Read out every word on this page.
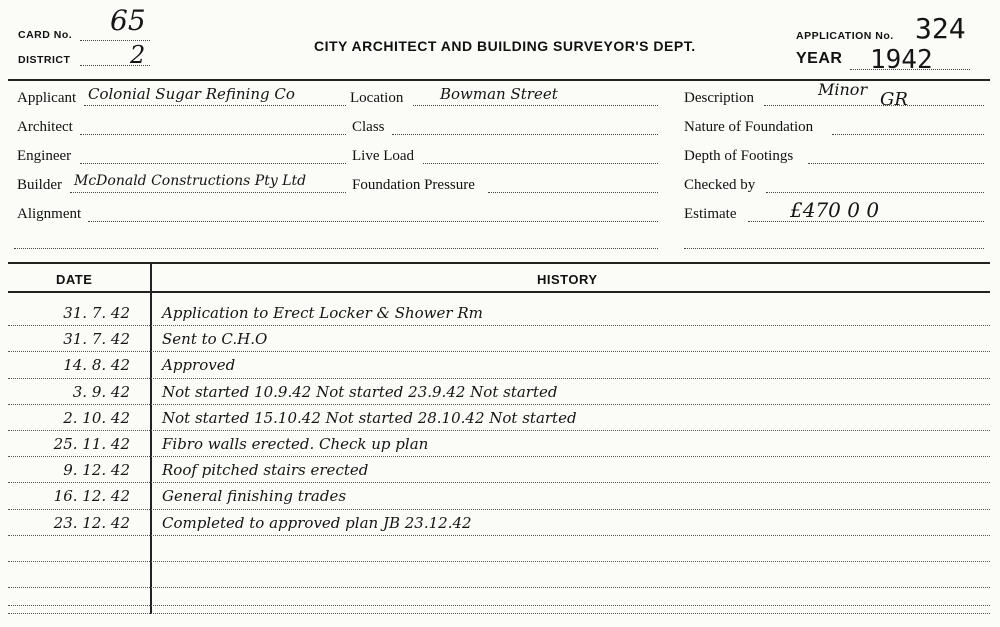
CARD No. 65
DISTRICT 2	CITY ARCHITECT AND BUILDING SURVEYOR'S DEPT.
APPLICATION No. 324
YEAR 1942
Applicant Colonial Sugar Refining Co	Location Bowman Street	Description	Minor GR
Architect	Class	Nature of Foundation
Engineer	Live Load	Depth of Footings
Builder McDonald Constructions Pty Ltd	Foundation Pressure	Checked by
Alignment	Estimate	£470 0 0
DATE	HISTORY
31. 7. 42 Application to Erect Locker & Shower Rm
31. 7. 42 Sent to C.H.O
14. 8. 42 Approved
3. 9. 42 Not started 10.9.42 Not started 23.9.42 Not started
2. 10. 42 Not started 15.10.42 Not started 28.10.42 Not started
25. 11. 42 Fibro walls erected. Check up plan
9. 12. 42 Roof pitched stairs erected
16. 12. 42 General finishing trades
23. 12. 42 Completed to approved plan JB 23.12.42
